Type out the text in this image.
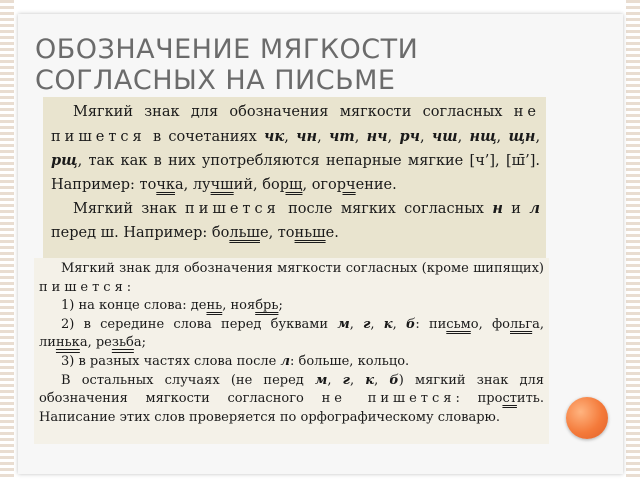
ОБОЗНАЧЕНИЕ МЯГКОСТИ СОГЛАСНЫХ НА ПИСЬМЕ

Мягкий знак для обозначения мягкости согласных не пишется в сочетаниях чк, чн, чт, нч, рч, чш, нщ, щн, рщ, так как в них употребляются непарные мягкие [ч’], [ш̄’]. Например: точка, лучший, борщ, огорчение.

Мягкий знак пишется после мягких согласных н и л перед ш. Например: больше, тоньше.

Мягкий знак для обозначения мягкости согласных (кроме шипящих) пишется:

1) на конце слова: день, ноябрь;

2) в середине слова перед буквами м, г, к, б: письмо, фольга, линька, резьба;

3) в разных частях слова после л: больше, кольцо.

В остальных случаях (не перед м, г, к, б) мягкий знак для обозначения мягкости согласного не пишется: простить. Написание этих слов проверяется по орфографическому словарю.
